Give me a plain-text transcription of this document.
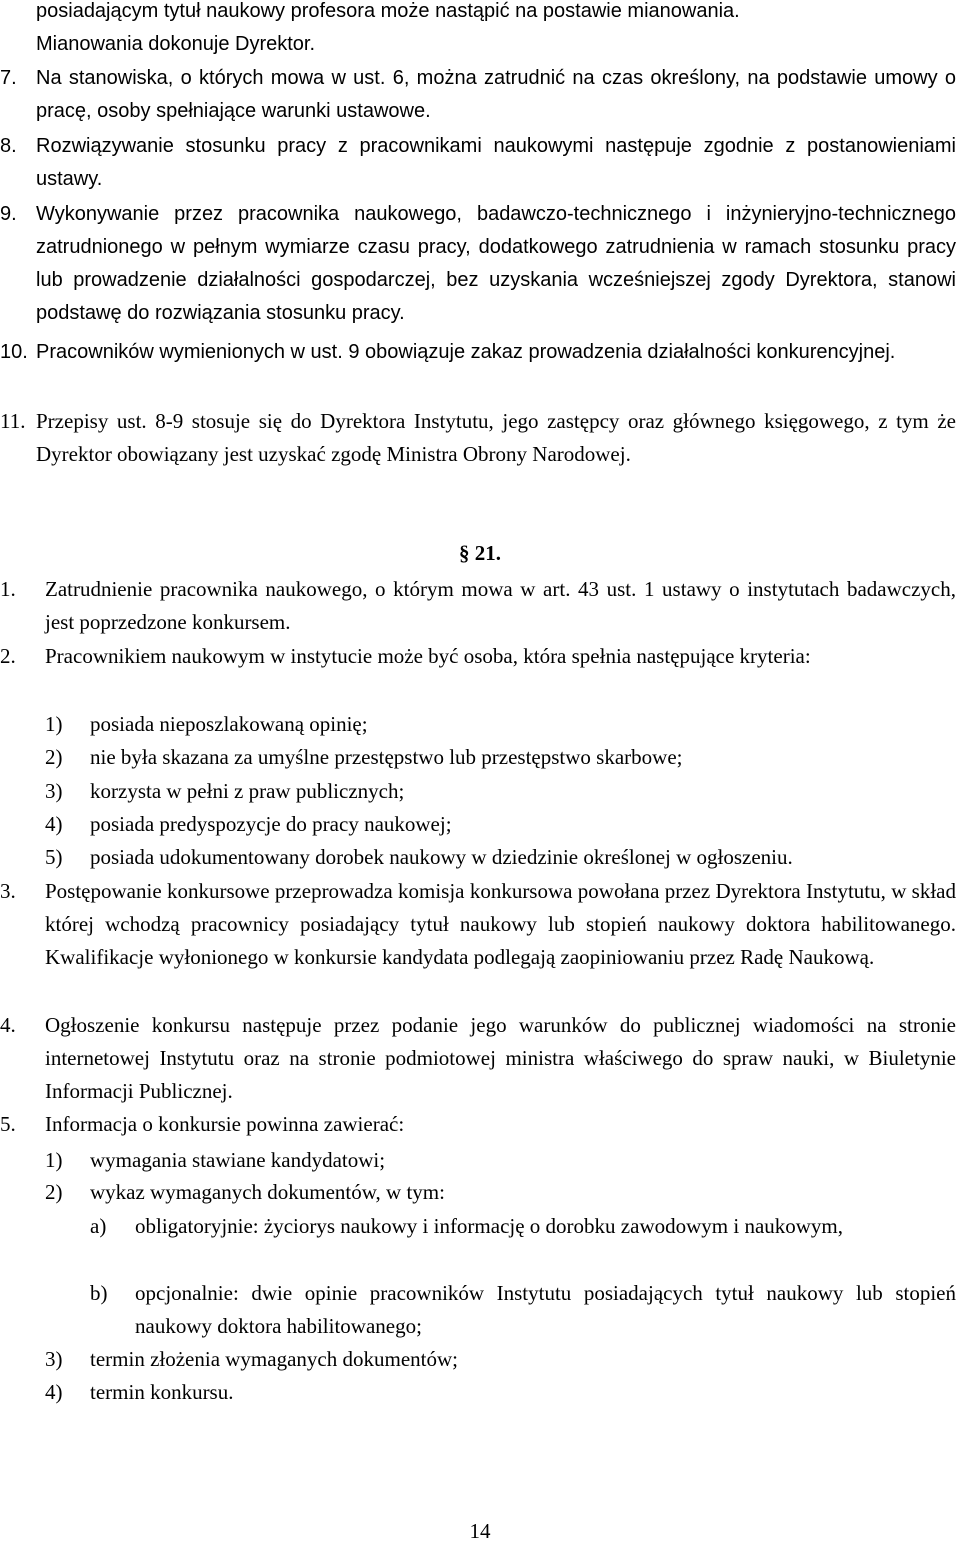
posiadającym tytuł naukowy profesora może nastąpić na postawie mianowania.
Mianowania dokonuje Dyrektor.
7. Na stanowiska, o których mowa w ust. 6, można zatrudnić na czas określony, na podstawie umowy o pracę, osoby spełniające warunki ustawowe.
8. Rozwiązywanie stosunku pracy z pracownikami naukowymi następuje zgodnie z postanowieniami ustawy.
9. Wykonywanie przez pracownika naukowego, badawczo-technicznego i inżynieryjno-technicznego zatrudnionego w pełnym wymiarze czasu pracy, dodatkowego zatrudnienia w ramach stosunku pracy lub prowadzenie działalności gospodarczej, bez uzyskania wcześniejszej zgody Dyrektora, stanowi podstawę do rozwiązania stosunku pracy.
10. Pracowników wymienionych w ust. 9 obowiązuje zakaz prowadzenia działalności konkurencyjnej.
11. Przepisy ust. 8-9 stosuje się do Dyrektora Instytutu, jego zastępcy oraz głównego księgowego, z tym że Dyrektor obowiązany jest uzyskać zgodę Ministra Obrony Narodowej.
§ 21.
1.	Zatrudnienie pracownika naukowego, o którym mowa w art. 43 ust. 1 ustawy o instytutach badawczych, jest poprzedzone konkursem.
2.	Pracownikiem naukowym w instytucie może być osoba, która spełnia następujące kryteria:
1) posiada nieposzlakowaną opinię;
2) nie była skazana za umyślne przestępstwo lub przestępstwo skarbowe;
3) korzysta w pełni z praw publicznych;
4) posiada predyspozycje do pracy naukowej;
5) posiada udokumentowany dorobek naukowy w dziedzinie określonej w ogłoszeniu.
3.	Postępowanie konkursowe przeprowadza komisja konkursowa powołana przez Dyrektora Instytutu, w skład której wchodzą pracownicy posiadający tytuł naukowy lub stopień naukowy doktora habilitowanego. Kwalifikacje wyłonionego w konkursie kandydata podlegają zaopiniowaniu przez Radę Naukową.
4.	Ogłoszenie konkursu następuje przez podanie jego warunków do publicznej wiadomości na stronie internetowej Instytutu oraz na stronie podmiotowej ministra właściwego do spraw nauki, w Biuletynie Informacji Publicznej.
5.	Informacja o konkursie powinna zawierać:
1) wymagania stawiane kandydatowi;
2) wykaz wymaganych dokumentów, w tym:
a) obligatoryjnie: życiorys naukowy i informację o dorobku zawodowym i naukowym,
b) opcjonalnie: dwie opinie pracowników Instytutu posiadających tytuł naukowy lub stopień naukowy doktora habilitowanego;
3) termin złożenia wymaganych dokumentów;
4) termin konkursu.
14
